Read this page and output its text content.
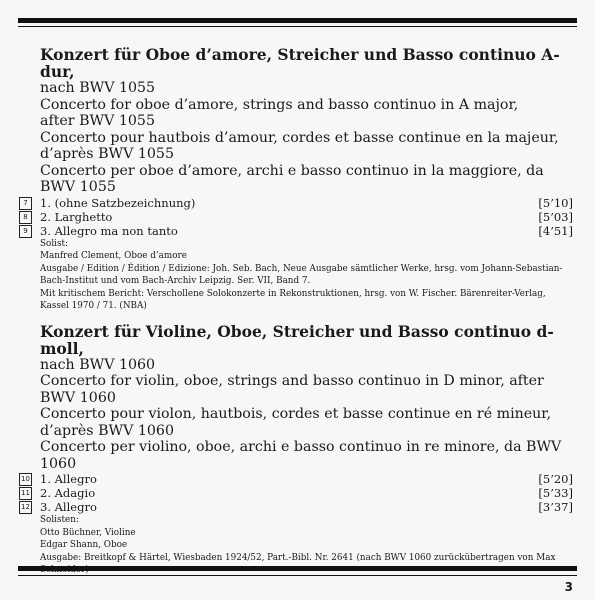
Konzert für Oboe d’amore, Streicher und Basso continuo A-dur,
nach BWV 1055
Concerto for oboe d’amore, strings and basso continuo in A major,
after BWV 1055
Concerto pour hautbois d’amour, cordes et basse continue en la majeur,
d’après BWV 1055
Concerto per oboe d’amore, archi e basso continuo in la maggiore, da BWV 1055
7	1. (ohne Satzbezeichnung)	[5’10]
8	2. Larghetto	[5’03]
9	3. Allegro ma non tanto	[4’51]
Solist:
Manfred Clement, Oboe d’amore
Ausgabe / Edition / Édition / Edizione: Joh. Seb. Bach, Neue Ausgabe sämtlicher Werke, hrsg. vom Johann-Sebastian-Bach-Institut und vom Bach-Archiv Leipzig. Ser. VII, Band 7.
Mit kritischem Bericht: Verschollene Solokonzerte in Rekonstruktionen, hrsg. von W. Fischer. Bärenreiter-Verlag, Kassel 1970 / 71. (NBA)
Konzert für Violine, Oboe, Streicher und Basso continuo d-moll,
nach BWV 1060
Concerto for violin, oboe, strings and basso continuo in D minor, after BWV 1060
Concerto pour violon, hautbois, cordes et basse continue en ré mineur,
d’après BWV 1060
Concerto per violino, oboe, archi e basso continuo in re minore, da BWV 1060
10 1. Allegro	[5’20]
11 2. Adagio	[5’33]
12 3. Allegro	[3’37]
Solisten:
Otto Büchner, Violine
Edgar Shann, Oboe
Ausgabe: Breitkopf & Härtel, Wiesbaden 1924/52, Part.-Bibl. Nr. 2641 (nach BWV 1060 zurückübertragen von Max
3
